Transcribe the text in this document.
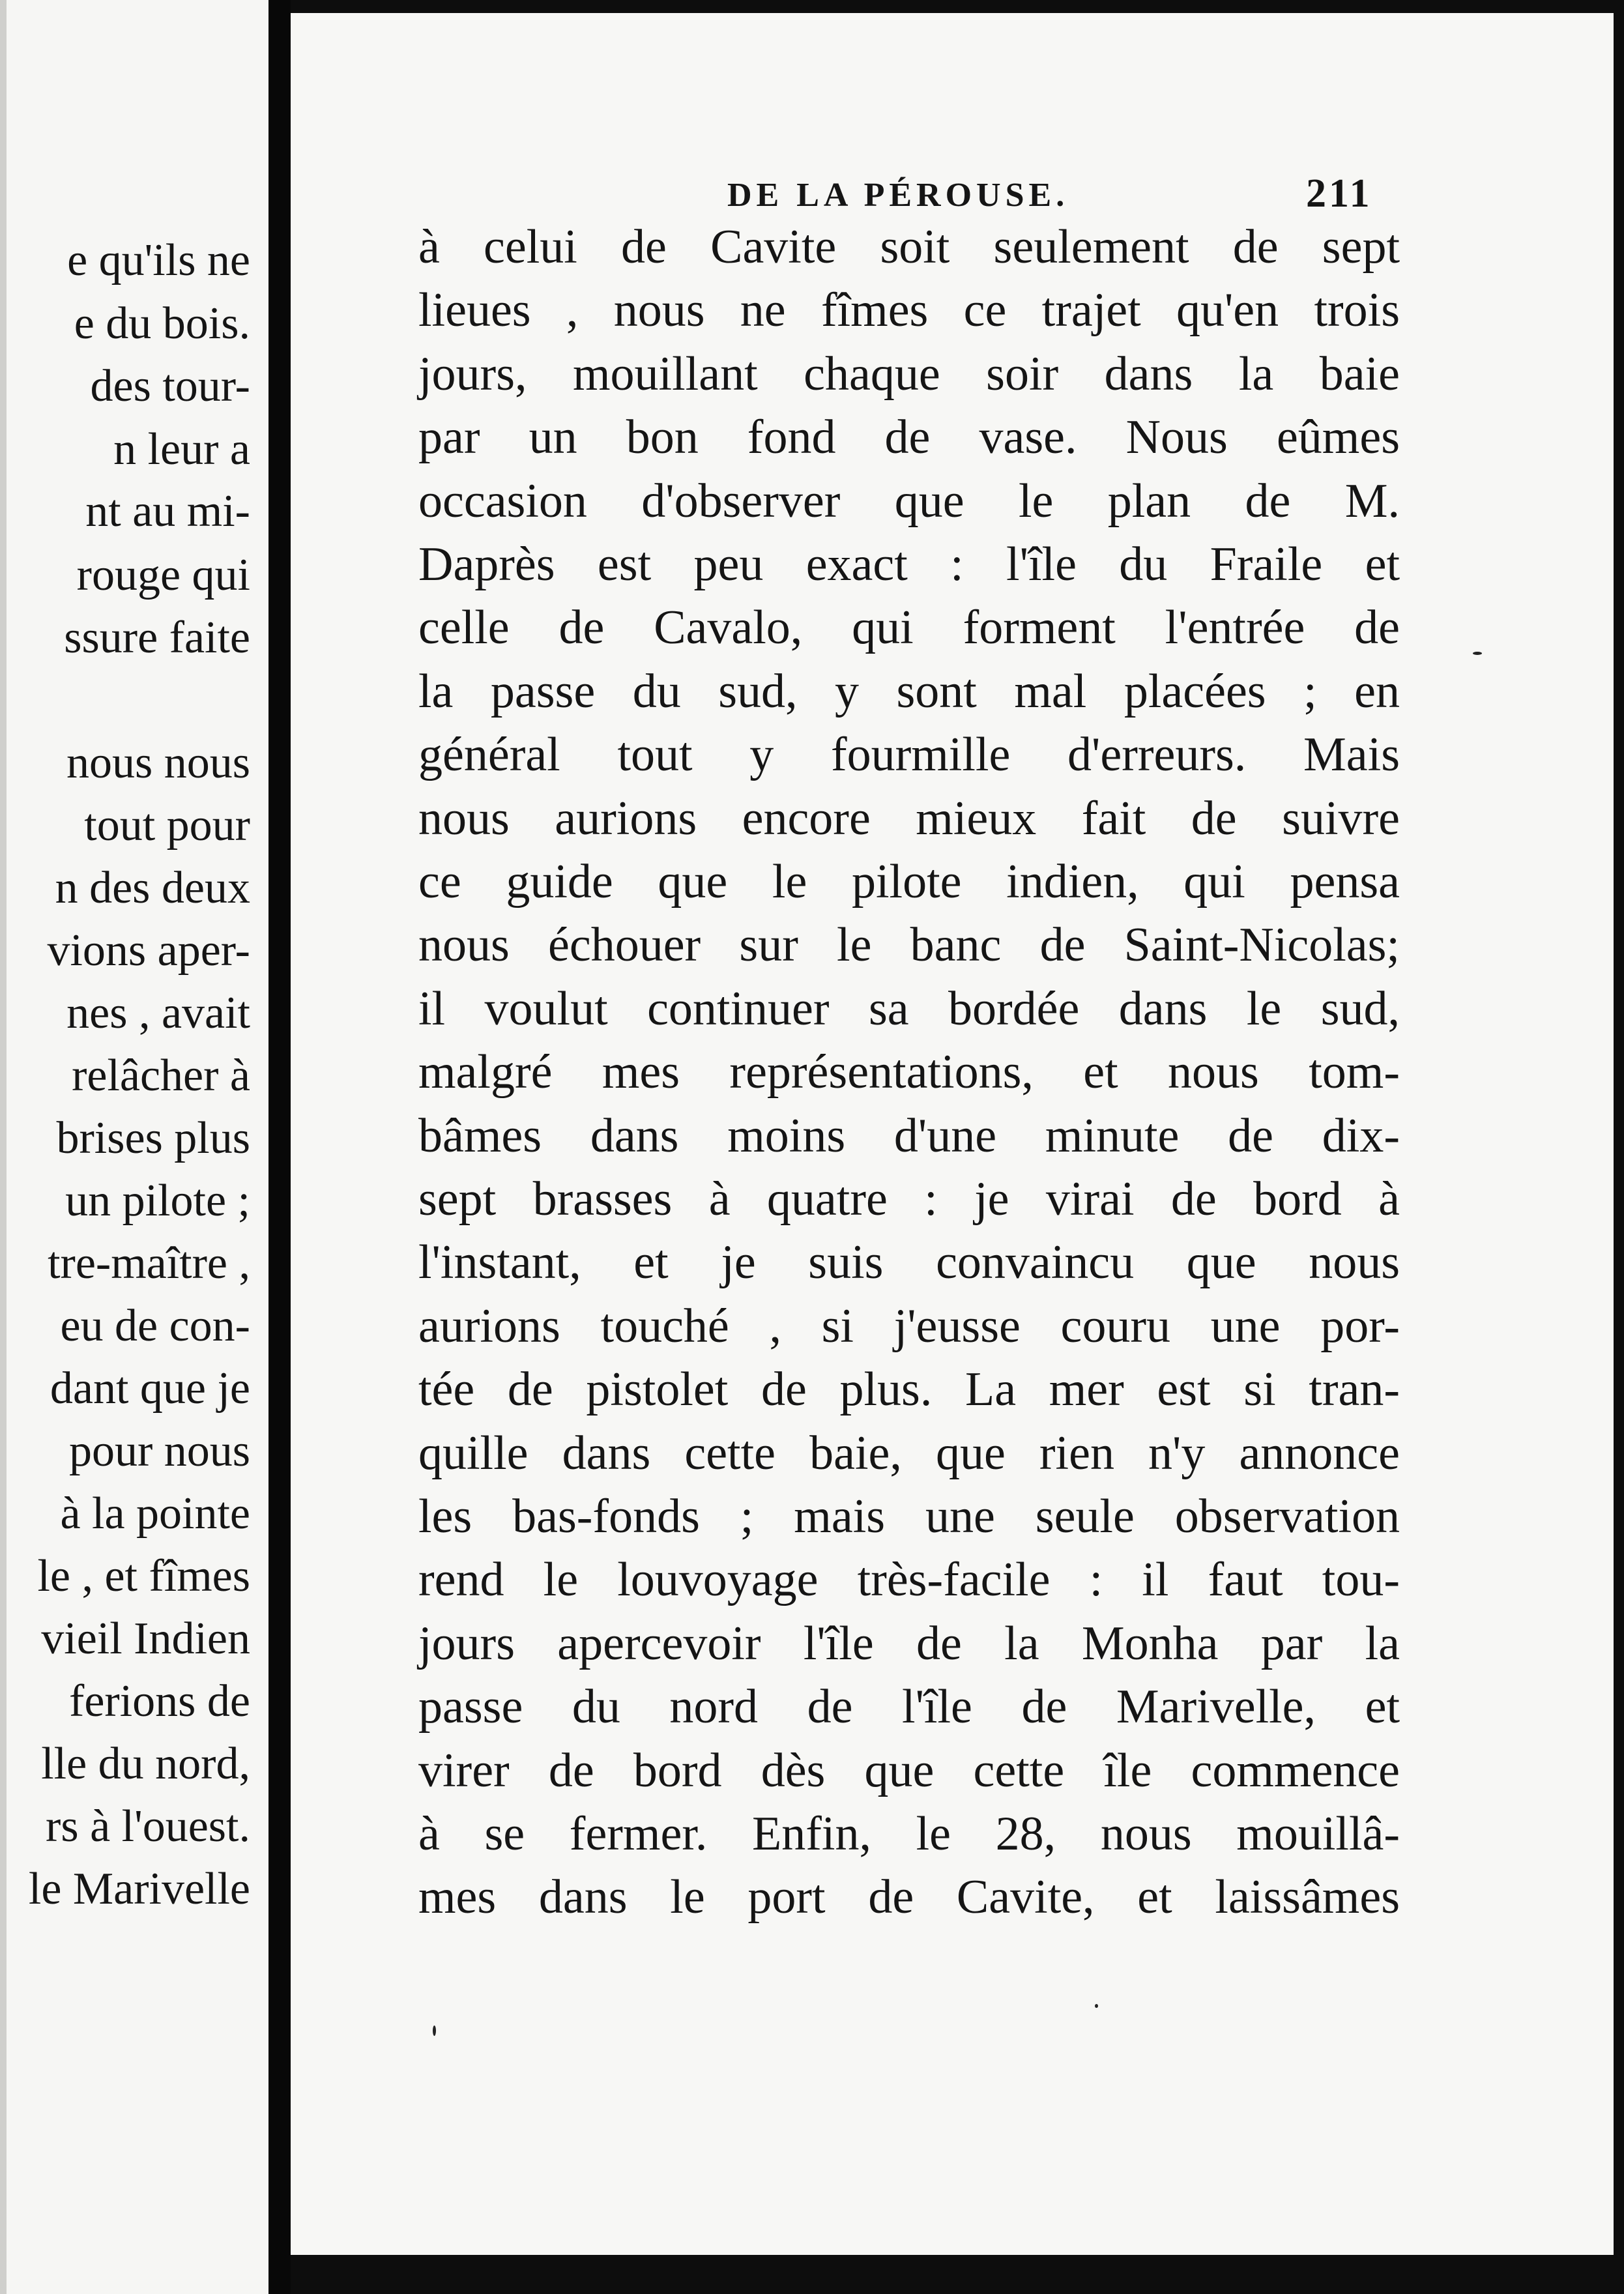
e qu'ils ne
e du bois.
des tour-
n leur a
nt au mi-
rouge qui
ssure faite
nous nous
tout pour
n des deux
vions aper-
nes , avait
relâcher à
brises plus
un pilote ;
tre-maître ,
eu de con-
dant que je
pour nous
à la pointe
le , et fîmes
vieil Indien
ferions de
lle du nord,
rs à l'ouest.
le Marivelle
DE LA PÉROUSE.	211
à celui de Cavite soit seulement de sept
lieues , nous ne fîmes ce trajet qu'en trois
jours, mouillant chaque soir dans la baie
par un bon fond de vase. Nous eûmes
occasion d'observer que le plan de M.
Daprès est peu exact : l'île du Fraile et
celle de Cavalo, qui forment l'entrée de
la passe du sud, y sont mal placées ; en
général tout y fourmille d'erreurs. Mais
nous aurions encore mieux fait de suivre
ce guide que le pilote indien, qui pensa
nous échouer sur le banc de Saint-Nicolas;
il voulut continuer sa bordée dans le sud,
malgré mes représentations, et nous tom-
bâmes dans moins d'une minute de dix-
sept brasses à quatre : je virai de bord à
l'instant, et je suis convaincu que nous
aurions touché , si j'eusse couru une por-
tée de pistolet de plus. La mer est si tran-
quille dans cette baie, que rien n'y annonce
les bas-fonds ; mais une seule observation
rend le louvoyage très-facile : il faut tou-
jours apercevoir l'île de la Monha par la
passe du nord de l'île de Marivelle, et
virer de bord dès que cette île commence
à se fermer. Enfin, le 28, nous mouillâ-
mes dans le port de Cavite, et laissâmes
